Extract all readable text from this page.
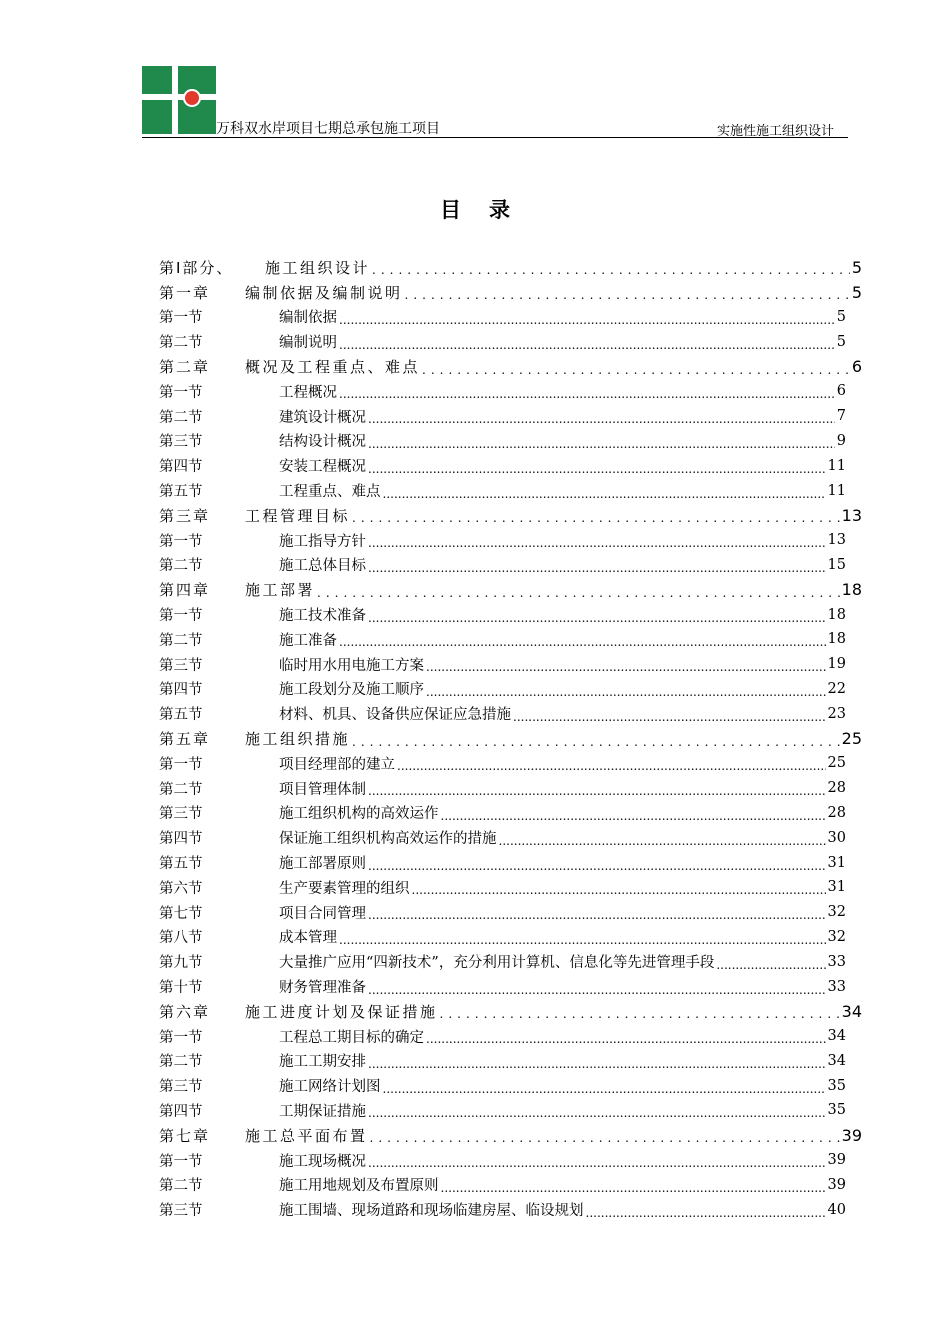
万科双水岸项目七期总承包施工项目	实施性施工组织设计
目录
第Ⅰ部分、	施工组织设计 .....	5
第一章	编制依据及编制说明 .....	5
第一节	编制依据 .....	5
第二节	编制说明 .....	5
第二章	概况及工程重点、难点 .....	6
第一节	工程概况 .....	6
第二节	建筑设计概况 .....	7
第三节	结构设计概况 .....	9
第四节	安装工程概况 .....	11
第五节	工程重点、难点 .....	11
第三章	工程管理目标 .....	13
第一节	施工指导方针 .....	13
第二节	施工总体目标 .....	15
第四章	施工部署 .....	18
第一节	施工技术准备 .....	18
第二节	施工准备 .....	18
第三节	临时用水用电施工方案 .....	19
第四节	施工段划分及施工顺序 .....	22
第五节	材料、机具、设备供应保证应急措施 .....	23
第五章	施工组织措施 .....	25
第一节	项目经理部的建立 .....	25
第二节	项目管理体制 .....	28
第三节	施工组织机构的高效运作 .....	28
第四节	保证施工组织机构高效运作的措施 .....	30
第五节	施工部署原则 .....	31
第六节	生产要素管理的组织 .....	31
第七节	项目合同管理 .....	32
第八节	成本管理 .....	32
第九节	大量推广应用“四新技术”，充分利用计算机、信息化等先进管理手段 .....	33
第十节	财务管理准备 .....	33
第六章	施工进度计划及保证措施 .....	34
第一节	工程总工期目标的确定 .....	34
第二节	施工工期安排 .....	34
第三节	施工网络计划图 .....	35
第四节	工期保证措施 .....	35
第七章	施工总平面布置 .....	39
第一节	施工现场概况 .....	39
第二节	施工用地规划及布置原则 .....	39
第三节	施工围墙、现场道路和现场临建房屋、临设规划 .....	40
